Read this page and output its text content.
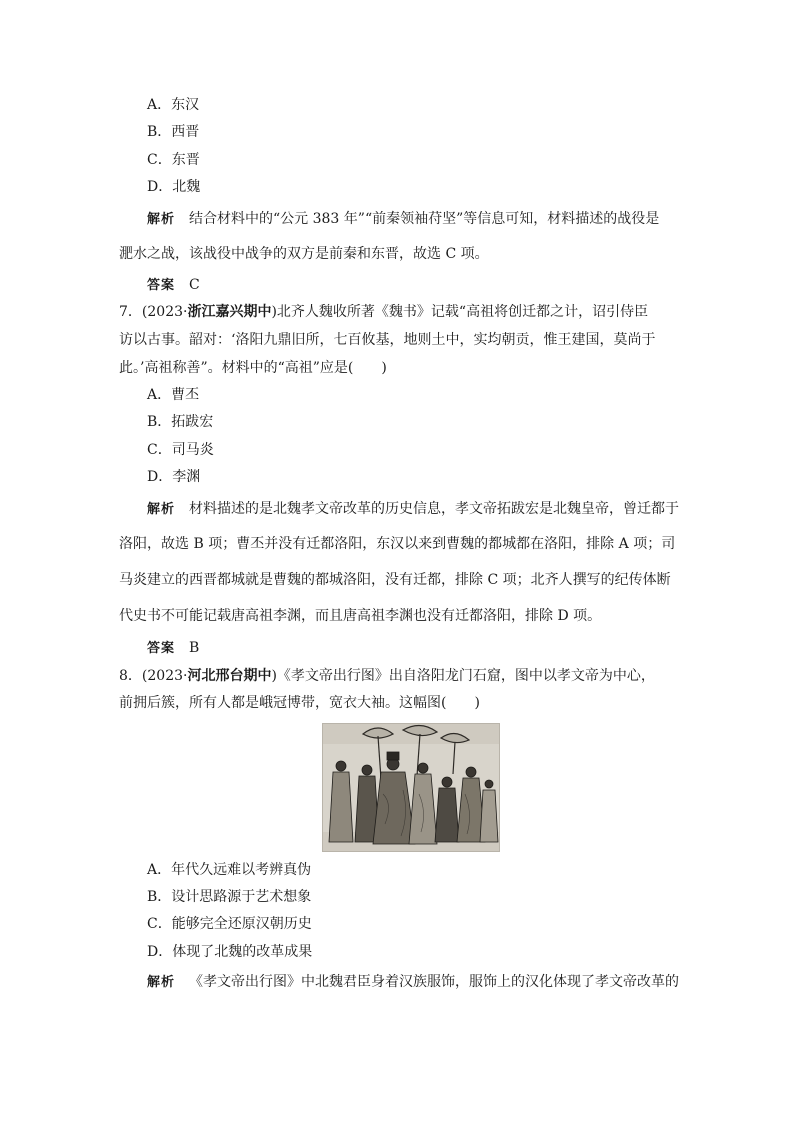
A．东汉
B．西晋
C．东晋
D．北魏
解析 结合材料中的“公元 383 年”“前秦领袖苻坚”等信息可知，材料描述的战役是
淝水之战，该战役中战争的双方是前秦和东晋，故选 C 项。
答案 C
7．(2023·浙江嘉兴期中)北齐人魏收所著《魏书》记载“高祖将创迁都之计，诏引侍臣
访以古事。韶对：‘洛阳九鼎旧所，七百攸基，地则土中，实均朝贡，惟王建国，莫尚于
此。’高祖称善”。材料中的“高祖”应是(　　)
A．曹丕
B．拓跋宏
C．司马炎
D．李渊
解析 材料描述的是北魏孝文帝改革的历史信息，孝文帝拓跋宏是北魏皇帝，曾迁都于
洛阳，故选 B 项；曹丕并没有迁都洛阳，东汉以来到曹魏的都城都在洛阳，排除 A 项；司
马炎建立的西晋都城就是曹魏的都城洛阳，没有迁都，排除 C 项；北齐人撰写的纪传体断
代史书不可能记载唐高祖李渊，而且唐高祖李渊也没有迁都洛阳，排除 D 项。
答案 B
8．(2023·河北邢台期中)《孝文帝出行图》出自洛阳龙门石窟，图中以孝文帝为中心，
前拥后簇，所有人都是峨冠博带，宽衣大袖。这幅图(　　)
A．年代久远难以考辨真伪
B．设计思路源于艺术想象
C．能够完全还原汉朝历史
D．体现了北魏的改革成果
解析 《孝文帝出行图》中北魏君臣身着汉族服饰，服饰上的汉化体现了孝文帝改革的
